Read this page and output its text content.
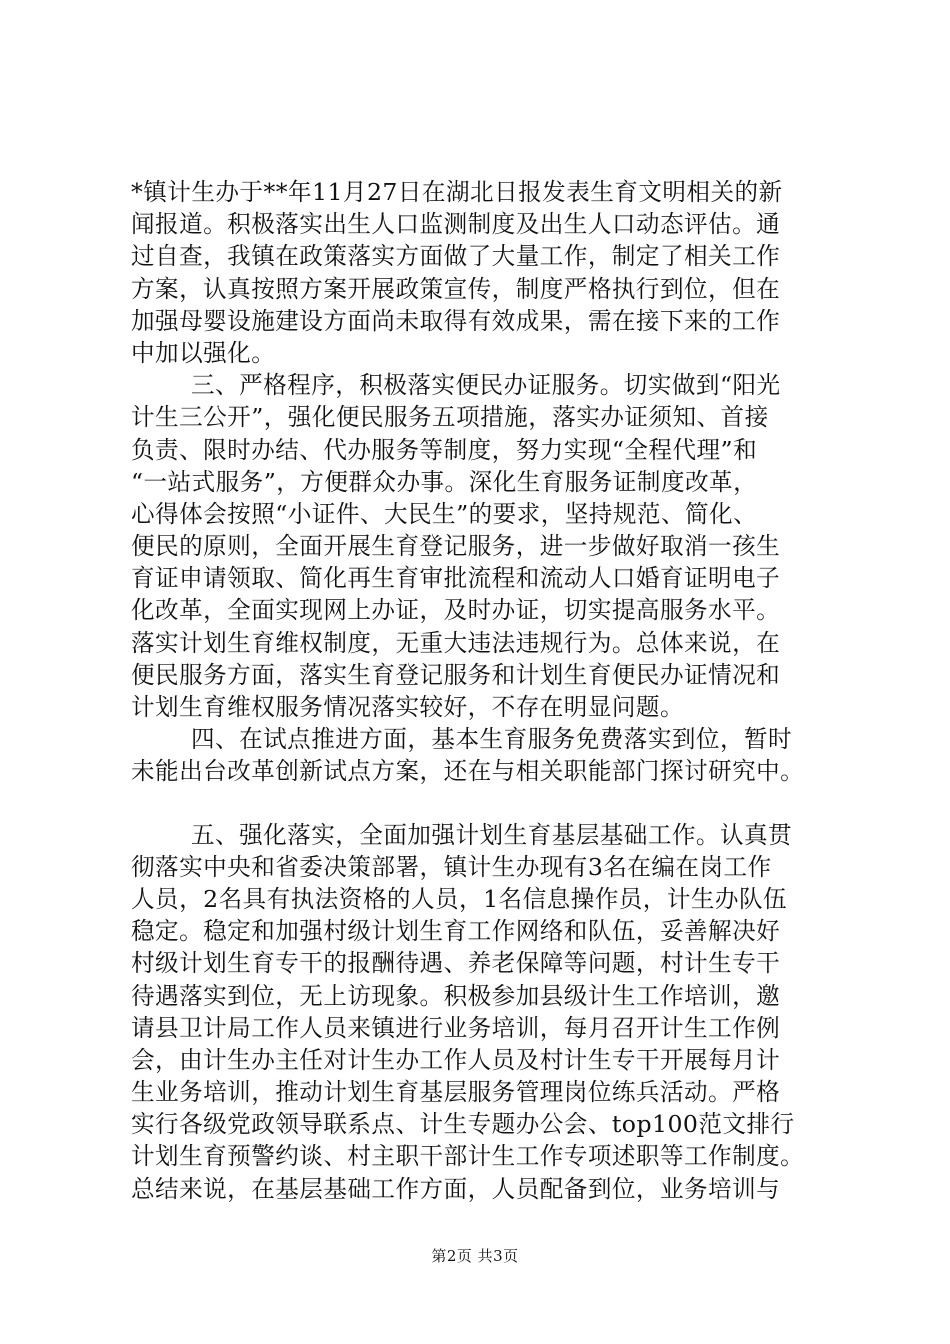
*镇计生办于**年11月27日在湖北日报发表生育文明相关的新
闻报道。积极落实出生人口监测制度及出生人口动态评估。通
过自查，我镇在政策落实方面做了大量工作，制定了相关工作
方案，认真按照方案开展政策宣传，制度严格执行到位，但在
加强母婴设施建设方面尚未取得有效成果，需在接下来的工作
中加以强化。
三、严格程序，积极落实便民办证服务。切实做到“阳光
计生三公开”，强化便民服务五项措施，落实办证须知、首接
负责、限时办结、代办服务等制度，努力实现“全程代理”和
“一站式服务”，方便群众办事。深化生育服务证制度改革，
心得体会按照“小证件、大民生”的要求，坚持规范、简化、
便民的原则，全面开展生育登记服务，进一步做好取消一孩生
育证申请领取、简化再生育审批流程和流动人口婚育证明电子
化改革，全面实现网上办证，及时办证，切实提高服务水平。
落实计划生育维权制度，无重大违法违规行为。总体来说，在
便民服务方面，落实生育登记服务和计划生育便民办证情况和
计划生育维权服务情况落实较好，不存在明显问题。
四、在试点推进方面，基本生育服务免费落实到位，暂时
未能出台改革创新试点方案，还在与相关职能部门探讨研究中。
五、强化落实，全面加强计划生育基层基础工作。认真贯
彻落实中央和省委决策部署，镇计生办现有3名在编在岗工作
人员，2名具有执法资格的人员，1名信息操作员，计生办队伍
稳定。稳定和加强村级计划生育工作网络和队伍，妥善解决好
村级计划生育专干的报酬待遇、养老保障等问题，村计生专干
待遇落实到位，无上访现象。积极参加县级计生工作培训，邀
请县卫计局工作人员来镇进行业务培训，每月召开计生工作例
会，由计生办主任对计生办工作人员及村计生专干开展每月计
生业务培训，推动计划生育基层服务管理岗位练兵活动。严格
实行各级党政领导联系点、计生专题办公会、top100范文排行
计划生育预警约谈、村主职干部计生工作专项述职等工作制度。
总结来说，在基层基础工作方面，人员配备到位，业务培训与
第2页 共3页
